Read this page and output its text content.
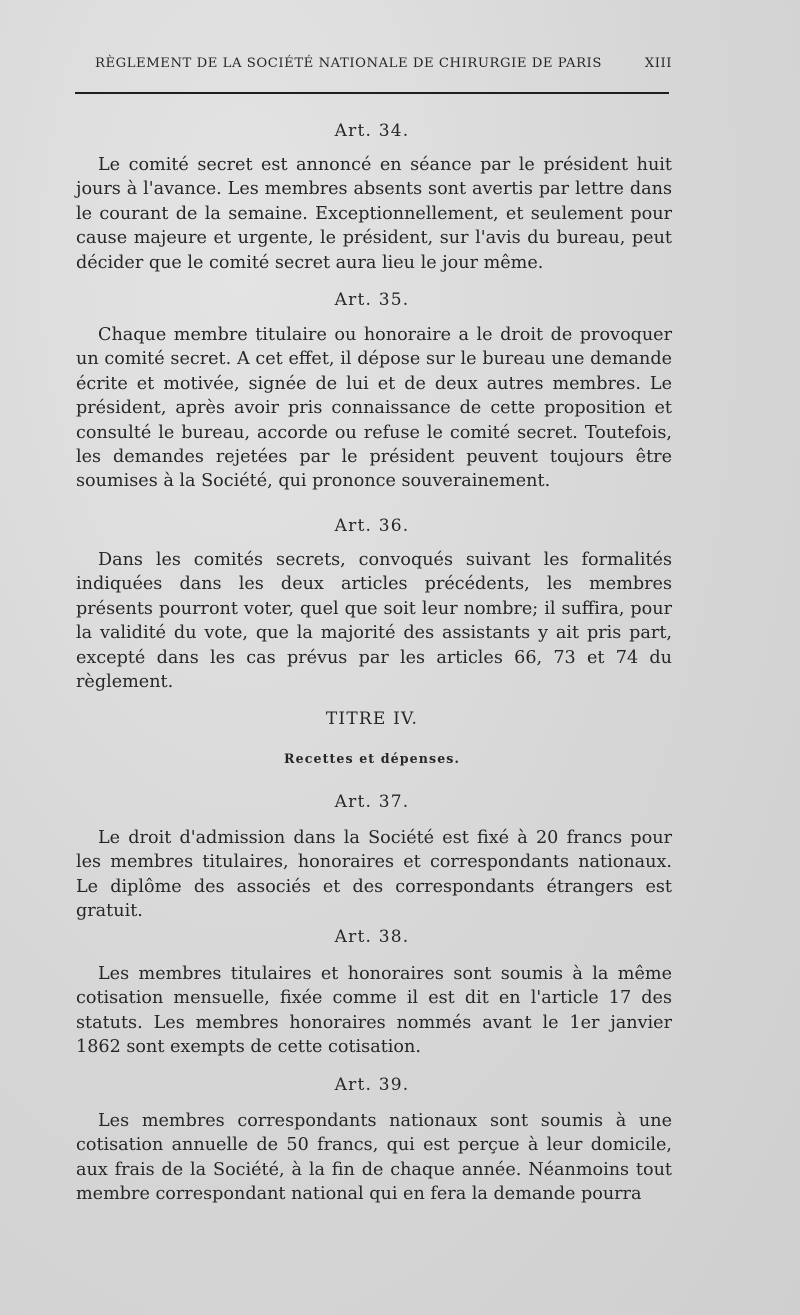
RÈGLEMENT DE LA SOCIÉTÉ NATIONALE DE CHIRURGIE DE PARIS	XIII
Art. 34.

Le comité secret est annoncé en séance par le président huit jours à l'avance. Les membres absents sont avertis par lettre dans le courant de la semaine. Exceptionnellement, et seulement pour cause majeure et urgente, le président, sur l'avis du bureau, peut décider que le comité secret aura lieu le jour même.

Art. 35.

Chaque membre titulaire ou honoraire a le droit de provoquer un comité secret. A cet effet, il dépose sur le bureau une demande écrite et motivée, signée de lui et de deux autres membres. Le président, après avoir pris connaissance de cette proposition et consulté le bureau, accorde ou refuse le comité secret. Toutefois, les demandes rejetées par le président peuvent toujours être soumises à la Société, qui prononce souverainement.

Art. 36.

Dans les comités secrets, convoqués suivant les formalités indiquées dans les deux articles précédents, les membres présents pourront voter, quel que soit leur nombre; il suffira, pour la validité du vote, que la majorité des assistants y ait pris part, excepté dans les cas prévus par les articles 66, 73 et 74 du règlement.

TITRE IV.
Recettes et dépenses.
Art. 37.

Le droit d'admission dans la Société est fixé à 20 francs pour les membres titulaires, honoraires et correspondants nationaux. Le diplôme des associés et des correspondants étrangers est gratuit.

Art. 38.

Les membres titulaires et honoraires sont soumis à la même cotisation mensuelle, fixée comme il est dit en l'article 17 des statuts. Les membres honoraires nommés avant le 1er janvier 1862 sont exempts de cette cotisation.

Art. 39.

Les membres correspondants nationaux sont soumis à une cotisation annuelle de 50 francs, qui est perçue à leur domicile, aux frais de la Société, à la fin de chaque année. Néanmoins tout membre correspondant national qui en fera la demande pourra
